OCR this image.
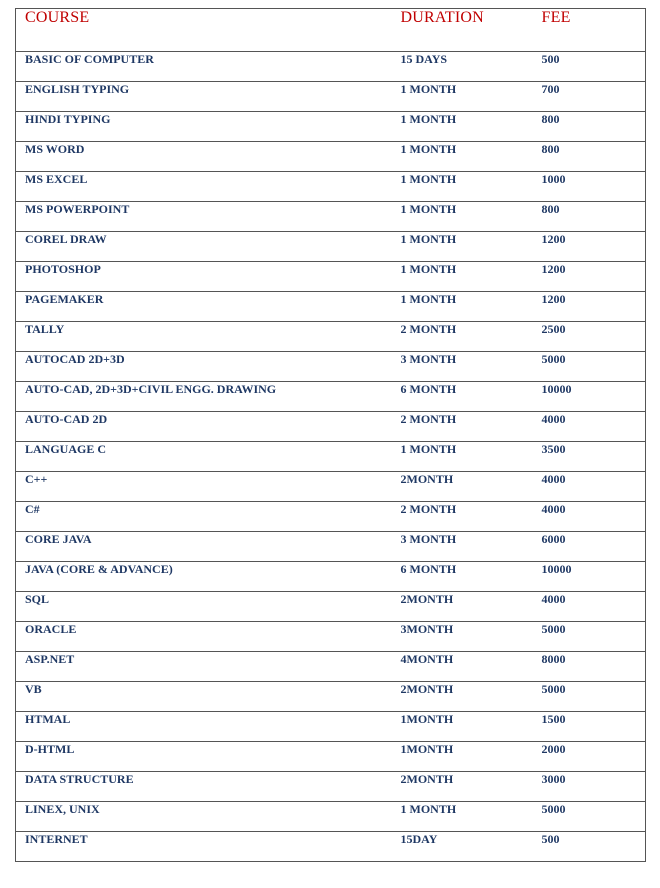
COURSE	DURATION	FEE
BASIC OF COMPUTER	15 DAYS	500
ENGLISH TYPING	1 MONTH	700
HINDI TYPING	1 MONTH	800
MS WORD	1 MONTH	800
MS EXCEL	1 MONTH	1000
MS POWERPOINT	1 MONTH	800
COREL DRAW	1 MONTH	1200
PHOTOSHOP	1 MONTH	1200
PAGEMAKER	1 MONTH	1200
TALLY	2 MONTH	2500
AUTOCAD 2D+3D	3 MONTH	5000
AUTO-CAD, 2D+3D+CIVIL ENGG. DRAWING	6 MONTH	10000
AUTO-CAD 2D	2 MONTH	4000
LANGUAGE C	1 MONTH	3500
C++	2MONTH	4000
C#	2 MONTH	4000
CORE JAVA	3 MONTH	6000
JAVA (CORE & ADVANCE)	6 MONTH	10000
SQL	2MONTH	4000
ORACLE	3MONTH	5000
ASP.NET	4MONTH	8000
VB	2MONTH	5000
HTMAL	1MONTH	1500
D-HTML	1MONTH	2000
DATA STRUCTURE	2MONTH	3000
LINEX, UNIX	1 MONTH	5000
INTERNET	15DAY	500
